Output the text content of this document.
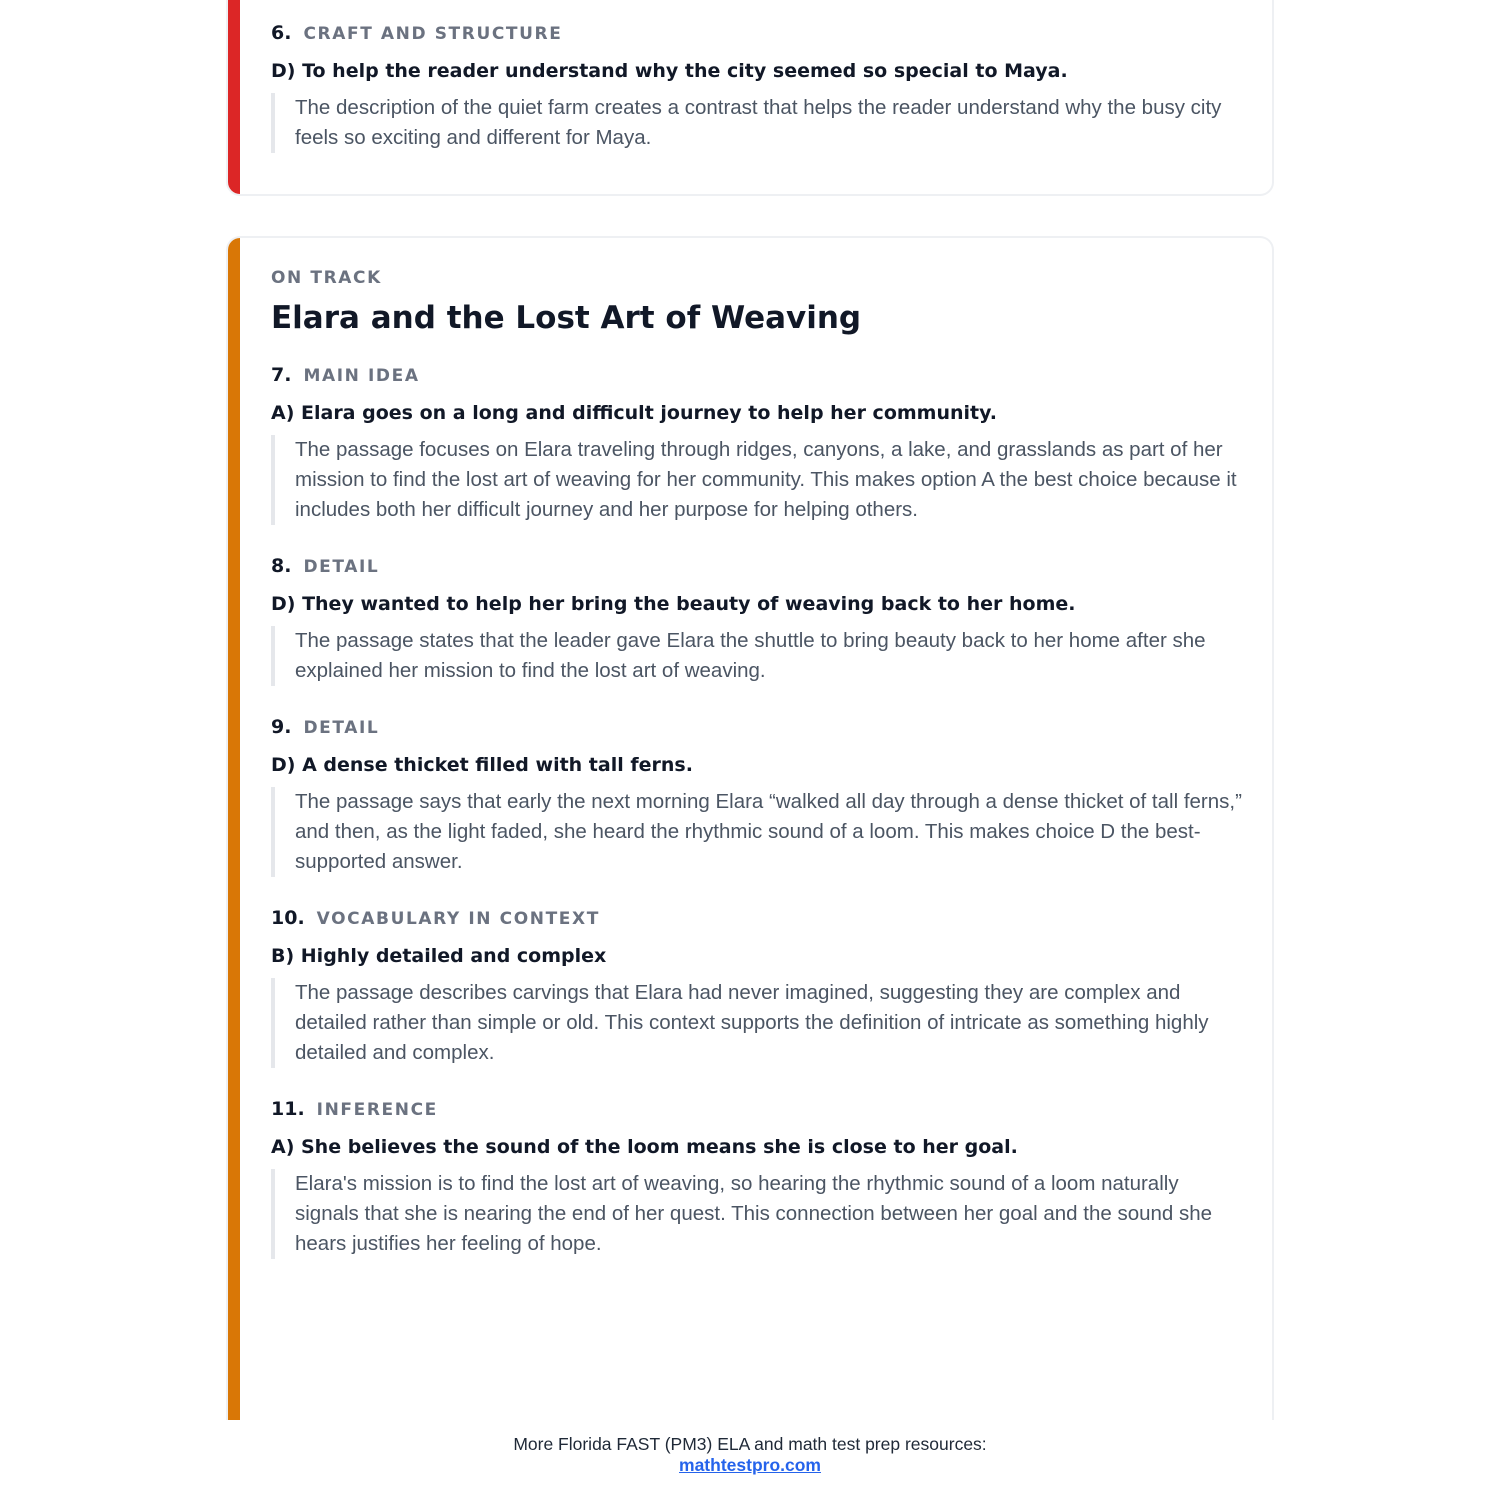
6. CRAFT AND STRUCTURE
D) To help the reader understand why the city seemed so special to Maya.
The description of the quiet farm creates a contrast that helps the reader understand why the busy city feels so exciting and different for Maya.
ON TRACK
Elara and the Lost Art of Weaving
7. MAIN IDEA
A) Elara goes on a long and difficult journey to help her community.
The passage focuses on Elara traveling through ridges, canyons, a lake, and grasslands as part of her mission to find the lost art of weaving for her community. This makes option A the best choice because it includes both her difficult journey and her purpose for helping others.
8. DETAIL
D) They wanted to help her bring the beauty of weaving back to her home.
The passage states that the leader gave Elara the shuttle to bring beauty back to her home after she explained her mission to find the lost art of weaving.
9. DETAIL
D) A dense thicket filled with tall ferns.
The passage says that early the next morning Elara “walked all day through a dense thicket of tall ferns,” and then, as the light faded, she heard the rhythmic sound of a loom. This makes choice D the best-supported answer.
10. VOCABULARY IN CONTEXT
B) Highly detailed and complex
The passage describes carvings that Elara had never imagined, suggesting they are complex and detailed rather than simple or old. This context supports the definition of intricate as something highly detailed and complex.
11. INFERENCE
A) She believes the sound of the loom means she is close to her goal.
Elara's mission is to find the lost art of weaving, so hearing the rhythmic sound of a loom naturally signals that she is nearing the end of her quest. This connection between her goal and the sound she hears justifies her feeling of hope.
More Florida FAST (PM3) ELA and math test prep resources:
mathtestpro.com
